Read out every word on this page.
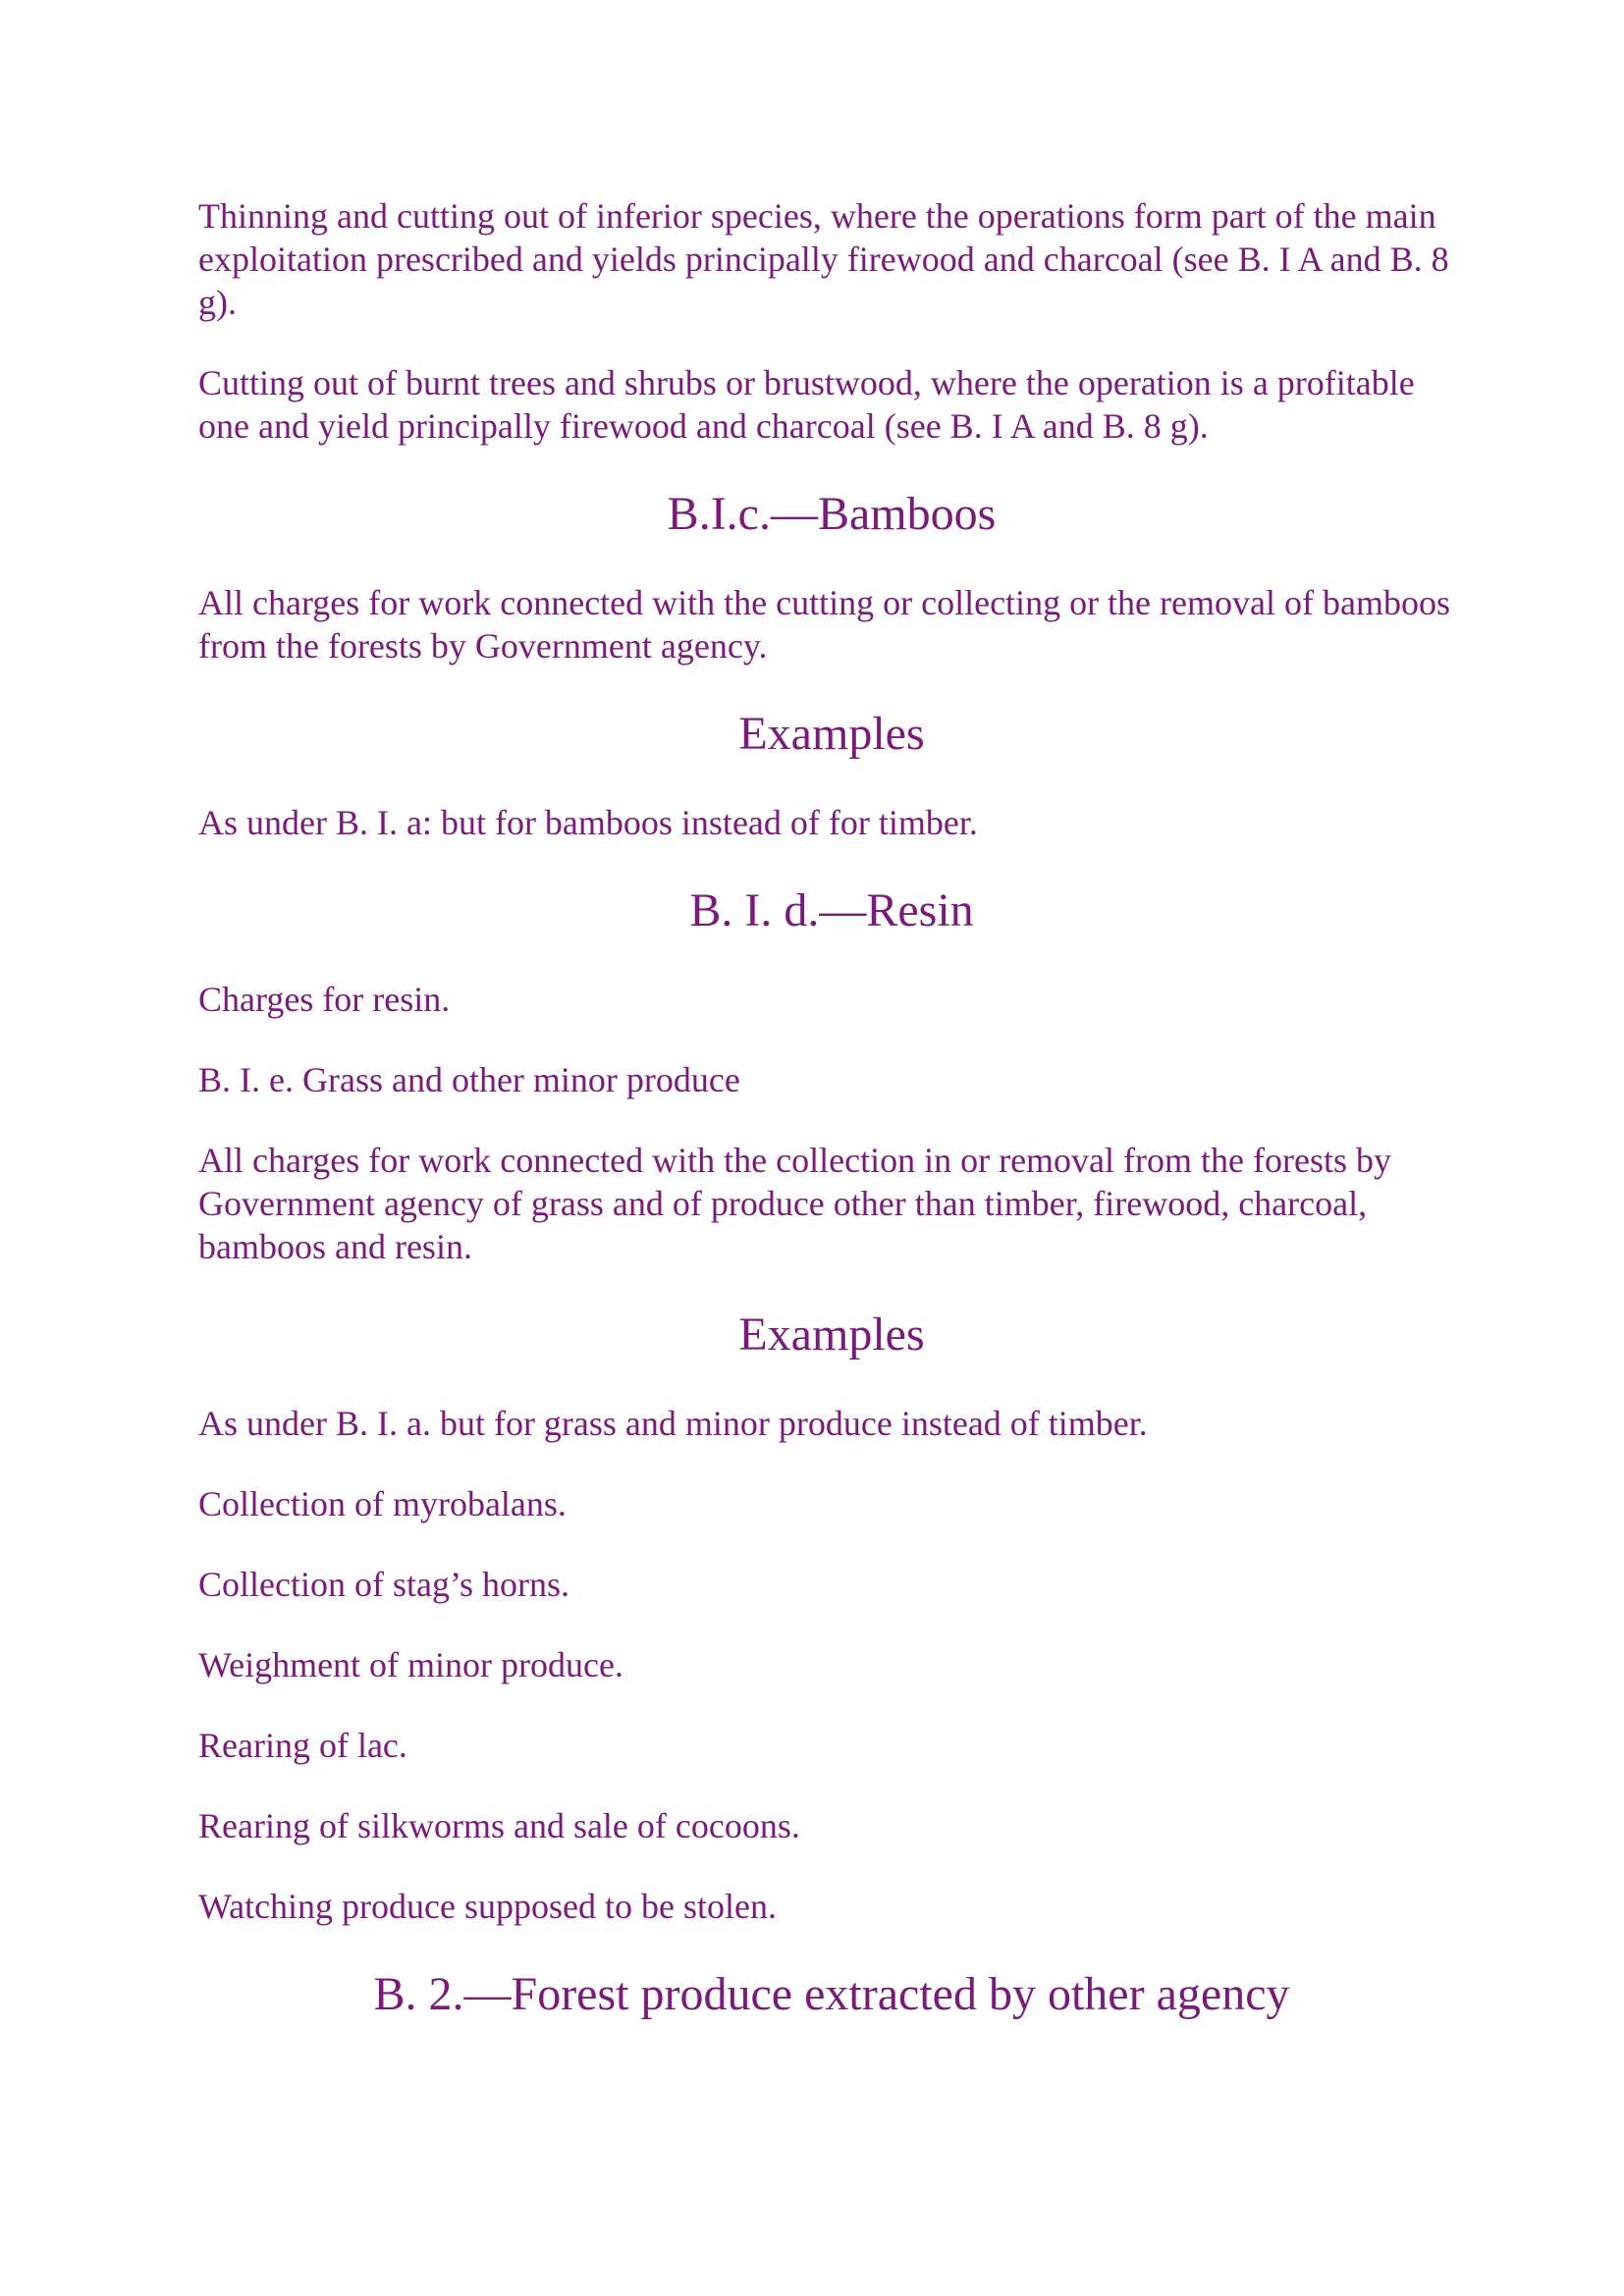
Thinning and cutting out of inferior species, where the operations form part of the main exploitation prescribed and yields principally firewood and charcoal (see B. I A and B. 8 g).

Cutting out of burnt trees and shrubs or brustwood, where the operation is a profitable one and yield principally firewood and charcoal (see B. I A and B. 8 g).

B.I.c.—Bamboos

All charges for work connected with the cutting or collecting or the removal of bamboos from the forests by Government agency.

Examples

As under B. I. a: but for bamboos instead of for timber.

B. I. d.—Resin

Charges for resin.

B. I. e. Grass and other minor produce

All charges for work connected with the collection in or removal from the forests by Government agency of grass and of produce other than timber, firewood, charcoal, bamboos and resin.

Examples

As under B. I. a. but for grass and minor produce instead of timber.

Collection of myrobalans.

Collection of stag’s horns.

Weighment of minor produce.

Rearing of lac.

Rearing of silkworms and sale of cocoons.

Watching produce supposed to be stolen.

B. 2.—Forest produce extracted by other agency
